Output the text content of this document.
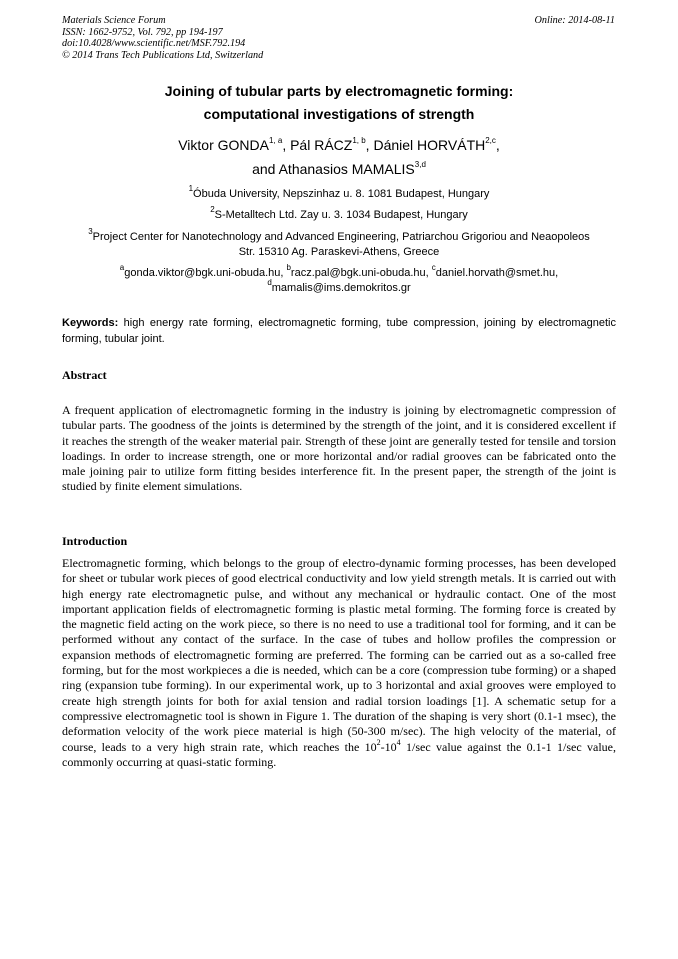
Materials Science Forum
ISSN: 1662-9752, Vol. 792, pp 194-197
doi:10.4028/www.scientific.net/MSF.792.194
© 2014 Trans Tech Publications Ltd, Switzerland
Online: 2014-08-11
Joining of tubular parts by electromagnetic forming:
computational investigations of strength
Viktor GONDA$^{1, a}$, Pál RÁCZ$^{1, b}$, Dániel HORVÁTH$^{2,c}$,
and Athanasios MAMALIS$^{3,d}$
$^1$Óbuda University, Nepszinhaz u. 8. 1081 Budapest, Hungary
$^2$S-Metalltech Ltd. Zay u. 3. 1034 Budapest, Hungary
$^3$Project Center for Nanotechnology and Advanced Engineering, Patriarchou Grigoriou and Neaopoleos Str. 15310 Ag. Paraskevi-Athens, Greece
$^a$gonda.viktor@bgk.uni-obuda.hu, $^b$racz.pal@bgk.uni-obuda.hu, $^c$daniel.horvath@smet.hu,
$^d$mamalis@ims.demokritos.gr
Keywords: high energy rate forming, electromagnetic forming, tube compression, joining by electromagnetic forming, tubular joint.
Abstract
A frequent application of electromagnetic forming in the industry is joining by electromagnetic compression of tubular parts. The goodness of the joints is determined by the strength of the joint, and it is considered excellent if it reaches the strength of the weaker material pair. Strength of these joint are generally tested for tensile and torsion loadings. In order to increase strength, one or more horizontal and/or radial grooves can be fabricated onto the male joining pair to utilize form fitting besides interference fit. In the present paper, the strength of the joint is studied by finite element simulations.
Introduction
Electromagnetic forming, which belongs to the group of electro-dynamic forming processes, has been developed for sheet or tubular work pieces of good electrical conductivity and low yield strength metals. It is carried out with high energy rate electromagnetic pulse, and without any mechanical or hydraulic contact. One of the most important application fields of electromagnetic forming is plastic metal forming. The forming force is created by the magnetic field acting on the work piece, so there is no need to use a traditional tool for forming, and it can be performed without any contact of the surface. In the case of tubes and hollow profiles the compression or expansion methods of electromagnetic forming are preferred. The forming can be carried out as a so-called free forming, but for the most workpieces a die is needed, which can be a core (compression tube forming) or a shaped ring (expansion tube forming). In our experimental work, up to 3 horizontal and axial grooves were employed to create high strength joints for both for axial tension and radial torsion loadings [1]. A schematic setup for a compressive electromagnetic tool is shown in Figure 1. The duration of the shaping is very short (0.1-1 msec), the deformation velocity of the work piece material is high (50-300 m/sec). The high velocity of the material, of course, leads to a very high strain rate, which reaches the $10^2-10^4$ 1/sec value against the 0.1-1 1/sec value, commonly occurring at quasi-static forming.
